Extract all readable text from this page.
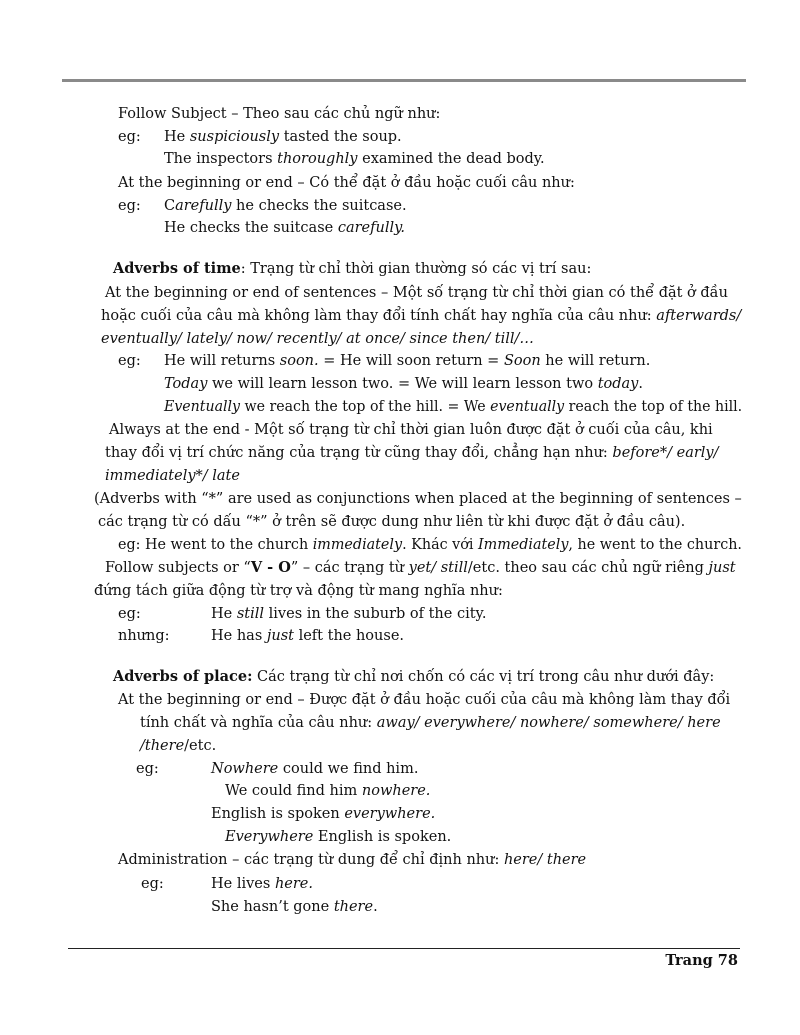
Follow Subject – Theo sau các chủ ngữ như:
eg: He suspiciously tasted the soup.
The inspectors thoroughly examined the dead body.
At the beginning or end – Có thể đặt ở đầu hoặc cuối câu như:
eg: Carefully he checks the suitcase.
He checks the suitcase carefully.
Adverbs of time: Trạng từ chỉ thời gian thường só các vị trí sau:
At the beginning or end of sentences – Một số trạng từ chỉ thời gian có thể đặt ở đầu
hoặc cuối của câu mà không làm thay đổi tính chất hay nghĩa của câu như: afterwards/
eventually/ lately/ now/ recently/ at once/ since then/ till/…
eg: He will returns soon. = He will soon return = Soon he will return.
Today we will learn lesson two. = We will learn lesson two today.
Eventually we reach the top of the hill. = We eventually reach the top of the hill.
Always at the end - Một số trạng từ chỉ thời gian luôn được đặt ở cuối của câu, khi
thay đổi vị trí chức năng của trạng từ cũng thay đổi, chẳng hạn như: before*/ early/
immediately*/ late
(Adverbs with “*” are used as conjunctions when placed at the beginning of sentences –
các trạng từ có dấu “*” ở trên sẽ được dung như liên từ khi được đặt ở đầu câu).
eg: He went to the church immediately. Khác với Immediately, he went to the church.
Follow subjects or “V - O” – các trạng từ yet/ still/etc. theo sau các chủ ngữ riêng just
đứng tách giữa động từ trợ và động từ mang nghĩa như:
eg:	He still lives in the suburb of the city.
nhưng:	He has just left the house.
Adverbs of place: Các trạng từ chỉ nơi chốn có các vị trí trong câu như dưới đây:
At the beginning or end – Được đặt ở đầu hoặc cuối của câu mà không làm thay đổi
tính chất và nghĩa của câu như: away/ everywhere/ nowhere/ somewhere/ here
/there/etc.
eg:	Nowhere could we find him.
We could find him nowhere.
English is spoken everywhere.
Everywhere English is spoken.
Administration – các trạng từ dung để chỉ định như: here/ there
eg:	He lives here.
She hasn’t gone there.
Trang 78
